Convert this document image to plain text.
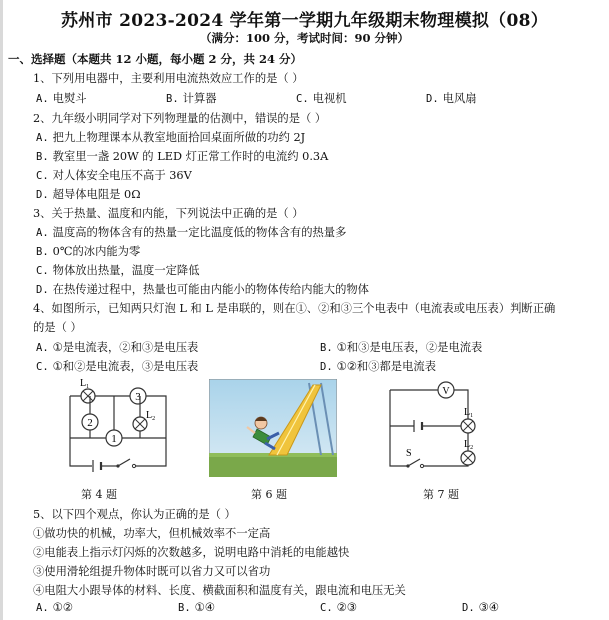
苏州市 2023-2024 学年第一学期九年级期末物理模拟（08）
（满分：100 分，考试时间：90 分钟）
一、选择题（本题共 12 小题，每小题 2 分，共 24 分）
1、下列用电器中，主要利用电流热效应工作的是（ ）
A. 电熨斗	B. 计算器	C. 电视机	D. 电风扇
2、九年级小明同学对下列物理量的估测中，错误的是（ ）
A. 把九上物理课本从教室地面拾回桌面所做的功约 2J
B. 教室里一盏 20W 的 LED 灯正常工作时的电流约 0.3A
C. 对人体安全电压不高于 36V
D. 超导体电阻是 0Ω
3、关于热量、温度和内能，下列说法中正确的是（ ）
A. 温度高的物体含有的热量一定比温度低的物体含有的热量多
B. 0℃的冰内能为零
C. 物体放出热量，温度一定降低
D. 在热传递过程中，热量也可能由内能小的物体传给内能大的物体
4、如图所示，已知两只灯泡 L 和 L 是串联的，则在①、②和③三个电表中（电流表或电压表）判断正确
的是（ ）
A. ①是电流表，②和③是电压表	B. ①和③是电压表，②是电流表
C. ①和②是电流表，③是电压表	D. ①②和③都是电流表
$L_1$
3
2
$L_2$
1
第 4 题	第 6 题
S
V
$L_1$
$L_2$
第 7 题
5、以下四个观点，你认为正确的是（ ）
①做功快的机械，功率大，但机械效率不一定高
②电能表上指示灯闪烁的次数越多，说明电路中消耗的电能越快
③使用滑轮组提升物体时既可以省力又可以省功
④电阻大小跟导体的材料、长度、横截面积和温度有关，跟电流和电压无关
A. ①②	B. ①④	C. ②③	D. ③④
